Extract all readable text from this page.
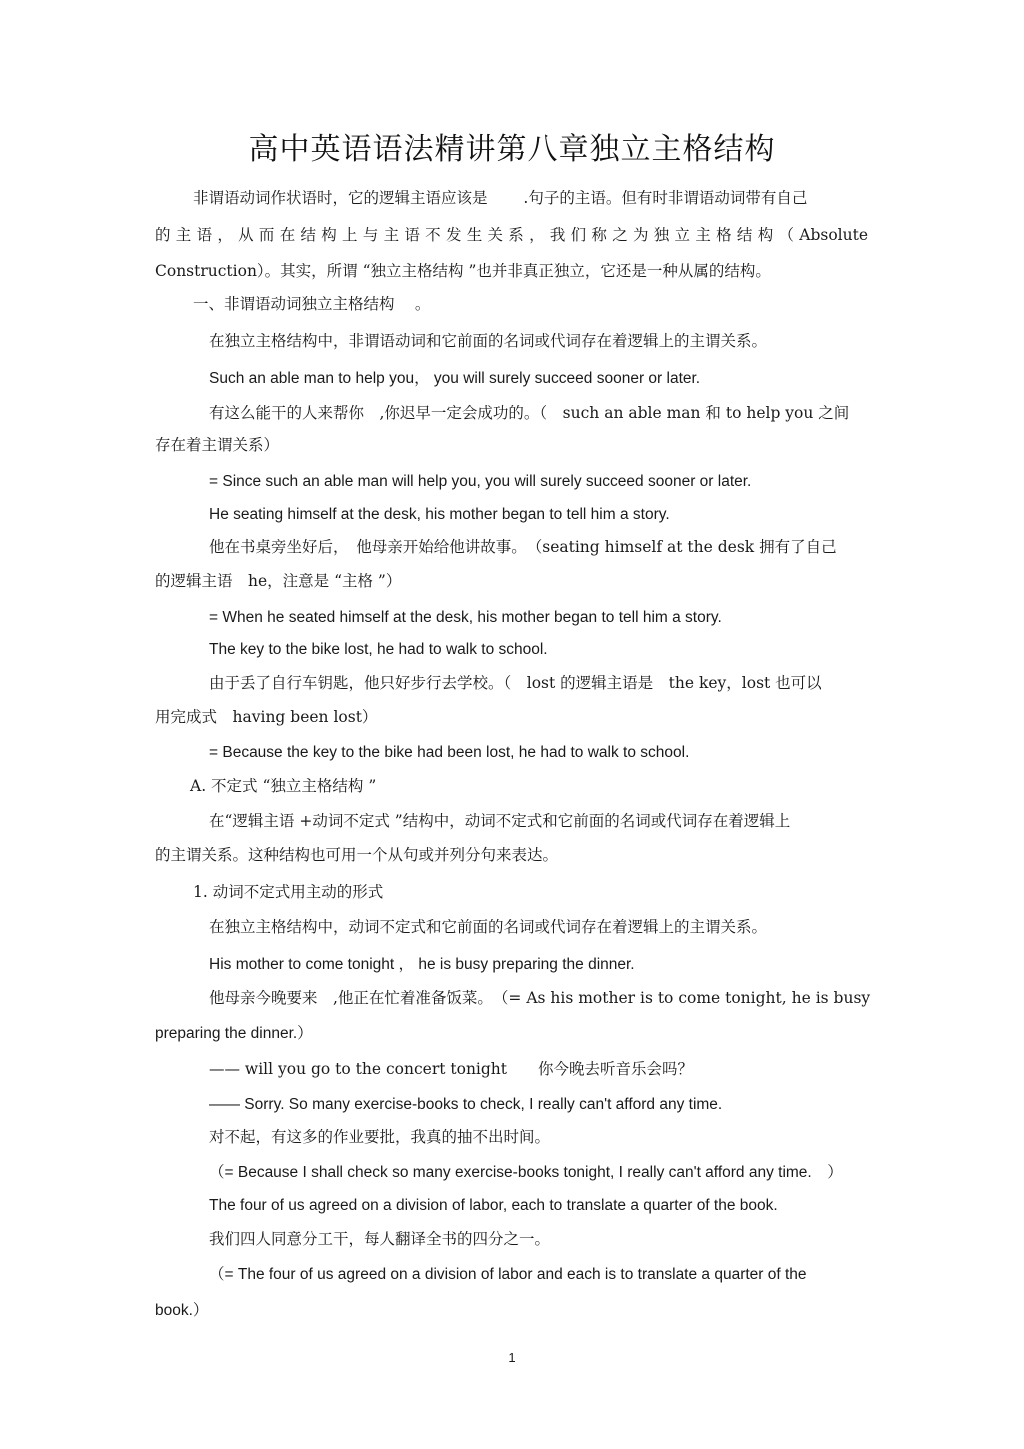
高中英语语法精讲第八章独立主格结构
非谓语动词作状语时，它的逻辑主语应该是　　 .句子的主语。但有时非谓语动词带有自己
的主语，从而在结构上与主语不发生关系，我们称之为独立主格结构（Absolute
Construction）。其实，所谓 “独立主格结构 ”也并非真正独立，它还是一种从属的结构。
一、非谓语动词独立主格结构　 。
在独立主格结构中，非谓语动词和它前面的名词或代词存在着逻辑上的主谓关系。
Such an able man to help you， you will surely succeed sooner or later.
有这么能干的人来帮你　,你迟早一定会成功的。（　such an able man 和 to help you 之间
存在着主谓关系）
= Since such an able man will help you, you will surely succeed sooner or later.
He seating himself at the desk, his mother began to tell him a story.
他在书桌旁坐好后，　他母亲开始给他讲故事。　（seating himself at the desk 拥有了自己
的逻辑主语　he，注意是 “主格 ”）
= When he seated himself at the desk, his mother began to tell him a story.
The key to the bike lost, he had to walk to school.
由于丢了自行车钥匙，他只好步行去学校。（　lost 的逻辑主语是　the key，lost 也可以
用完成式　having been lost）
= Because the key to the bike had been lost, he had to walk to school.
A. 不定式 “独立主格结构 ”
在“逻辑主语 +动词不定式 ”结构中，动词不定式和它前面的名词或代词存在着逻辑上
的主谓关系。这种结构也可用一个从句或并列分句来表达。
1. 动词不定式用主动的形式
在独立主格结构中，动词不定式和它前面的名词或代词存在着逻辑上的主谓关系。
His mother to come tonight ， he is busy preparing the dinner.
他母亲今晚要来　,他正在忙着准备饭菜。　（= As his mother is to come tonight, he is busy
preparing the dinner.）
—— will you go to the concert tonight　　你今晚去听音乐会吗？
—— Sorry. So many exercise-books to check, I really can't afford any time.
对不起，有这多的作业要批，我真的抽不出时间。
（= Because I shall check so many exercise-books tonight, I really can't afford any time.　）
The four of us agreed on a division of labor, each to translate a quarter of the book.
我们四人同意分工干，每人翻译全书的四分之一。
（= The four of us agreed on a division of labor and each is to translate a quarter of the
book.）
1
